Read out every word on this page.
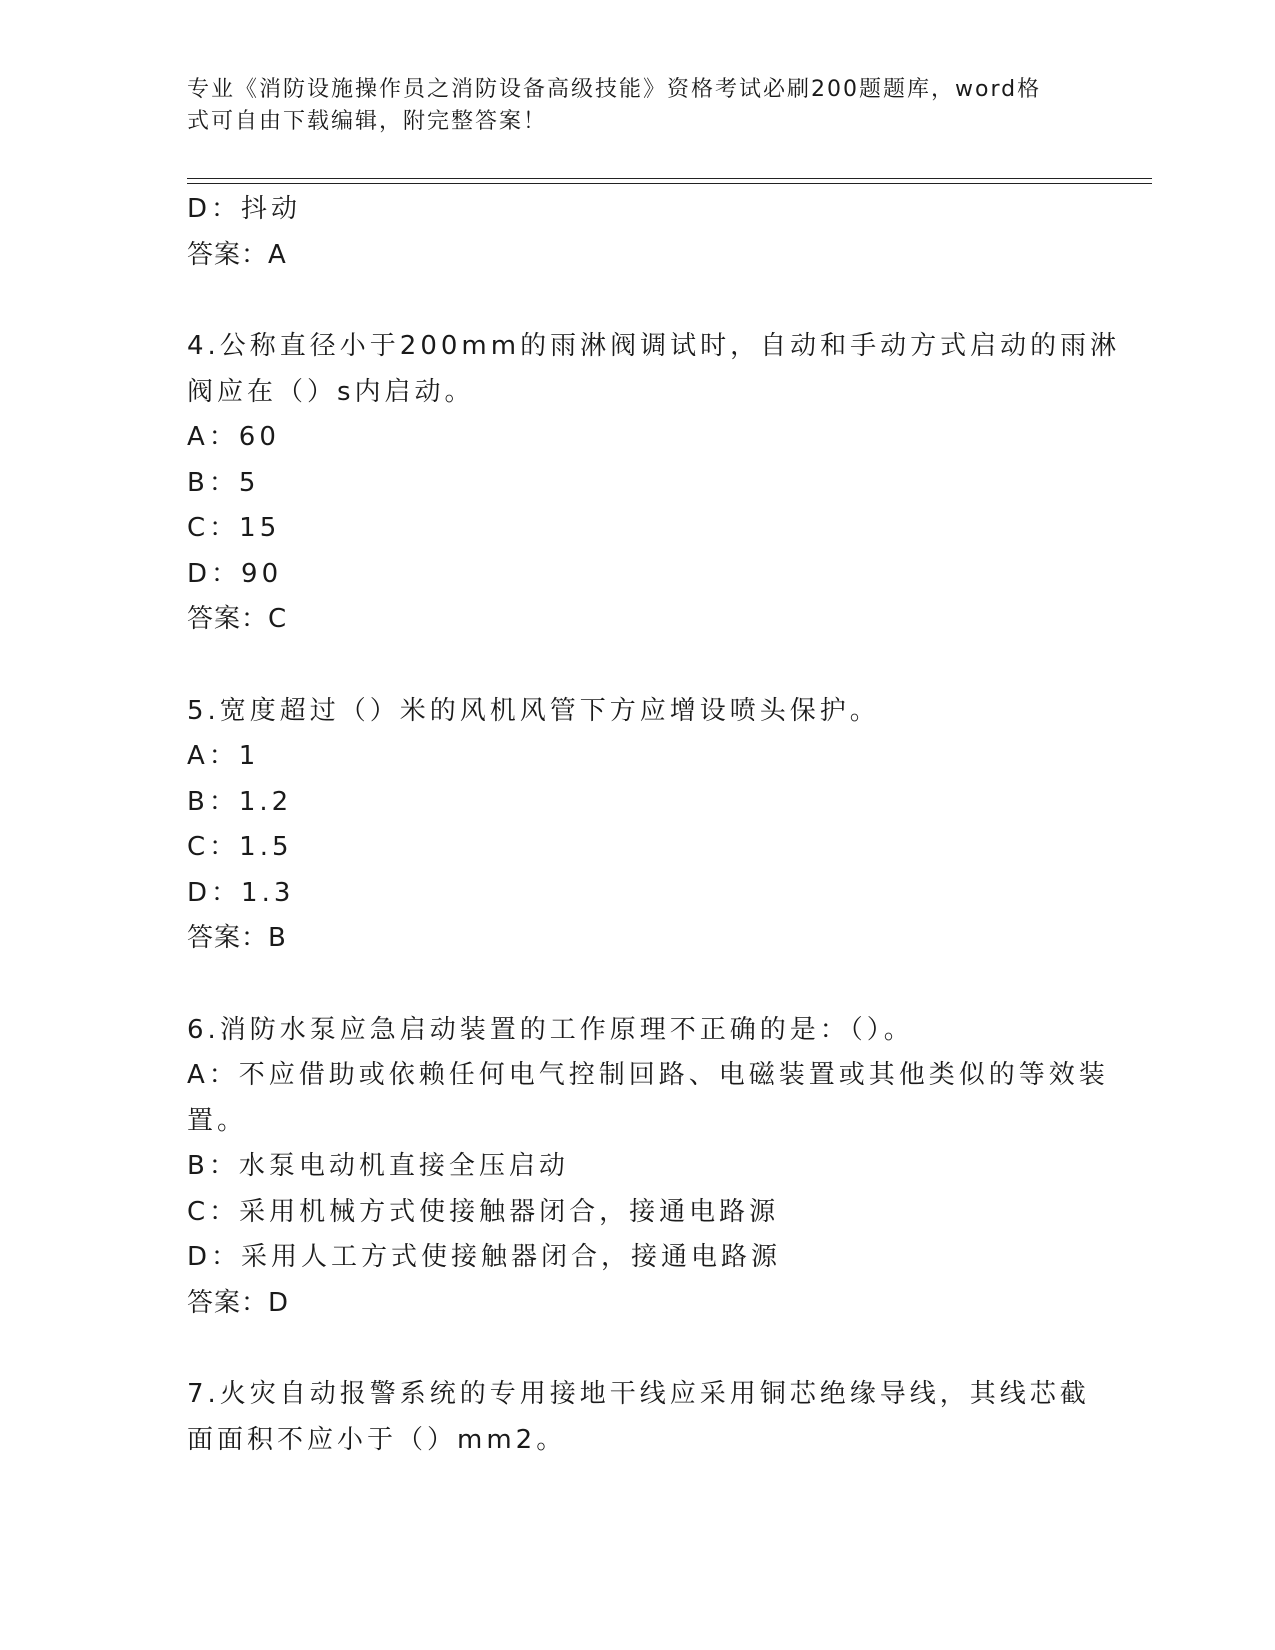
专业《消防设施操作员之消防设备高级技能》资格考试必刷200题题库，word格
式可自由下载编辑，附完整答案！
D：抖动
答案：A
4.公称直径小于200mm的雨淋阀调试时，自动和手动方式启动的雨淋
阀应在（）s内启动。
A：60
B：5
C：15
D：90
答案：C
5.宽度超过（）米的风机风管下方应增设喷头保护。
A：1
B：1.2
C：1.5
D：1.3
答案：B
6.消防水泵应急启动装置的工作原理不正确的是：（）。
A：不应借助或依赖任何电气控制回路、电磁装置或其他类似的等效装
置。
B：水泵电动机直接全压启动
C：采用机械方式使接触器闭合，接通电路源
D：采用人工方式使接触器闭合，接通电路源
答案：D
7.火灾自动报警系统的专用接地干线应采用铜芯绝缘导线，其线芯截
面面积不应小于（）mm2。
